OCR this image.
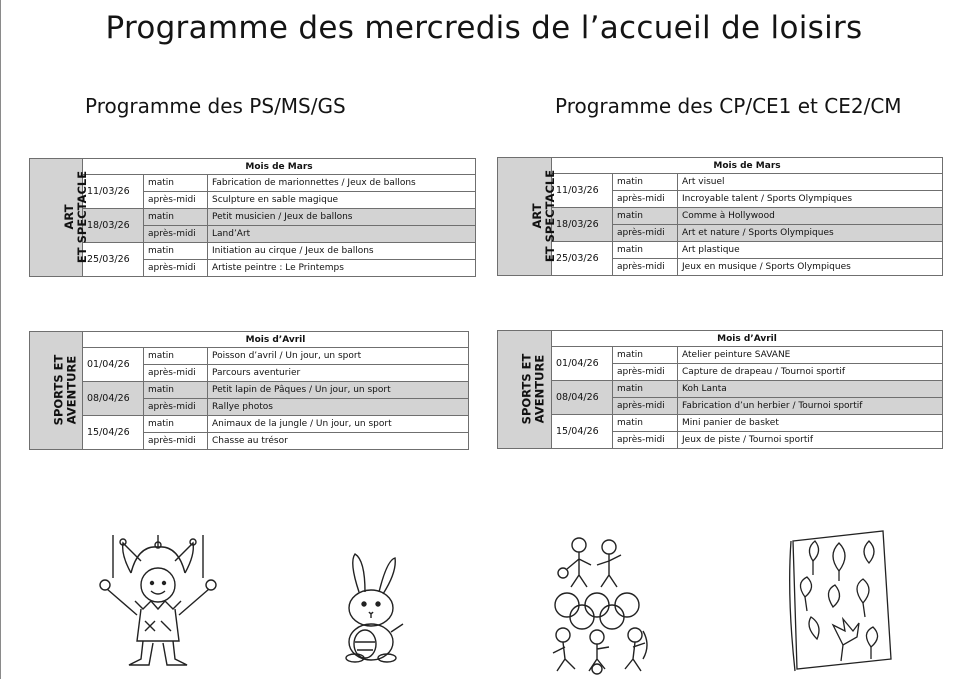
Programme des mercredis de l’accueil de loisirs
Programme des PS/MS/GS	Programme des CP/CE1 et CE2/CM
ART
ET SPECTACLE	Mois de Mars		
	11/03/26	matin	Fabrication de marionnettes / Jeux de ballons
		après-midi	Sculpture en sable magique
	18/03/26	matin	Petit musicien / Jeux de ballons
		après-midi	Land’Art
	25/03/26	matin	Initiation au cirque / Jeux de ballons
		après-midi	Artiste peintre : Le Printemps
SPORTS ET
AVENTURE	Mois d’Avril		
	01/04/26	matin	Poisson d’avril / Un jour, un sport
		après-midi	Parcours aventurier
	08/04/26	matin	Petit lapin de Pâques / Un jour, un sport
		après-midi	Rallye photos
	15/04/26	matin	Animaux de la jungle / Un jour, un sport
		après-midi	Chasse au trésor
ART
ET SPECTACLE	Mois de Mars		
	11/03/26	matin	Art visuel
		après-midi	Incroyable talent / Sports Olympiques
	18/03/26	matin	Comme à Hollywood
		après-midi	Art et nature / Sports Olympiques
	25/03/26	matin	Art plastique
		après-midi	Jeux en musique / Sports Olympiques
SPORTS ET
AVENTURE	Mois d’Avril		
	01/04/26	matin	Atelier peinture SAVANE
		après-midi	Capture de drapeau / Tournoi sportif
	08/04/26	matin	Koh Lanta
		après-midi	Fabrication d’un herbier / Tournoi sportif
	15/04/26	matin	Mini panier de basket
		après-midi	Jeux de piste / Tournoi sportif
